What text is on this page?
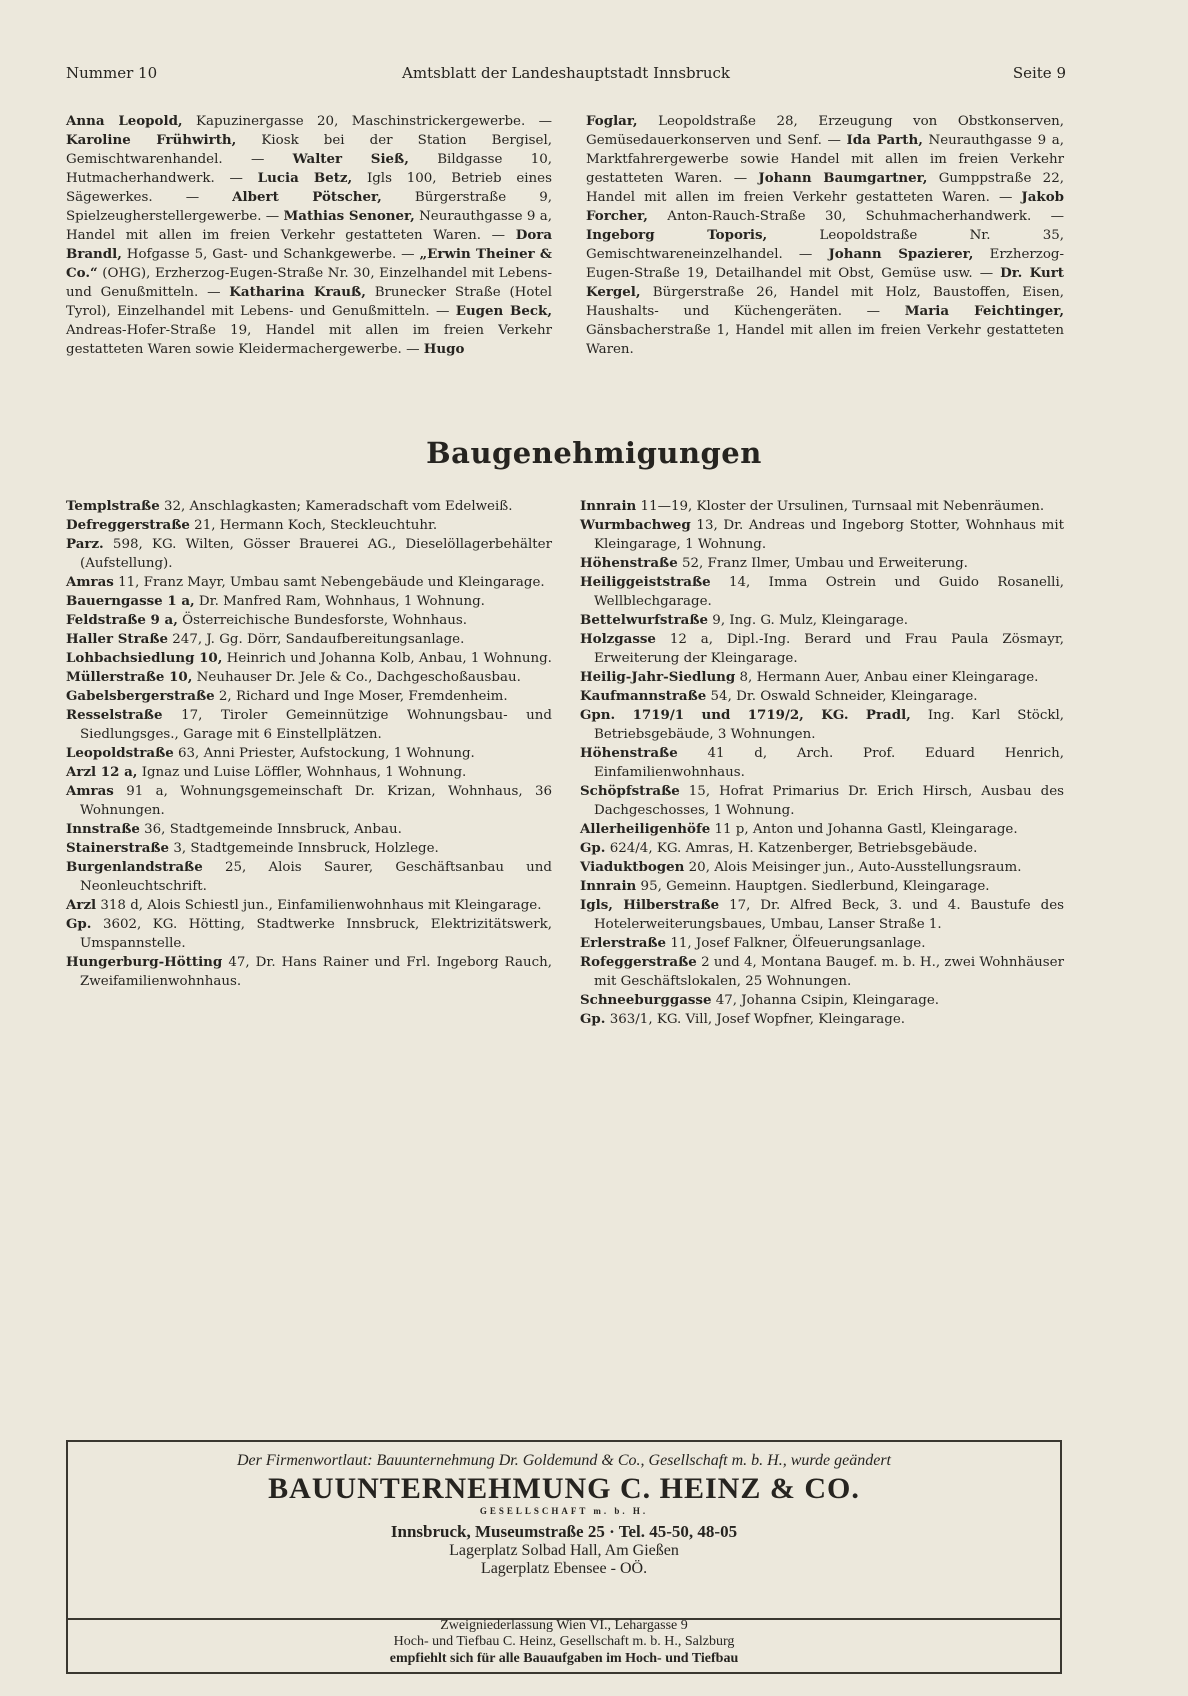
Nummer 10	Amtsblatt der Landeshauptstadt Innsbruck	Seite 9

Anna Leopold, Kapuzinergasse 20, Maschinstrickergewerbe. — Karoline Frühwirth, Kiosk bei der Station Bergisel, Gemischtwarenhandel. — Walter Sieß, Bildgasse 10, Hutmacherhandwerk. — Lucia Betz, Igls 100, Betrieb eines Sägewerkes. — Albert Pötscher, Bürgerstraße 9, Spielzeugherstellergewerbe. — Mathias Senoner, Neurauthgasse 9 a, Handel mit allen im freien Verkehr gestatteten Waren. — Dora Brandl, Hofgasse 5, Gast- und Schankgewerbe. — „Erwin Theiner & Co.“ (OHG), Erzherzog-Eugen-Straße Nr. 30, Einzelhandel mit Lebens- und Genußmitteln. — Katharina Krauß, Brunecker Straße (Hotel Tyrol), Einzelhandel mit Lebens- und Genußmitteln. — Eugen Beck, Andreas-Hofer-Straße 19, Handel mit allen im freien Verkehr gestatteten Waren sowie Kleidermachergewerbe. — Hugo

Foglar, Leopoldstraße 28, Erzeugung von Obstkonserven, Gemüsedauerkonserven und Senf. — Ida Parth, Neurauthgasse 9 a, Marktfahrergewerbe sowie Handel mit allen im freien Verkehr gestatteten Waren. — Johann Baumgartner, Gumppstraße 22, Handel mit allen im freien Verkehr gestatteten Waren. — Jakob Forcher, Anton-Rauch-Straße 30, Schuhmacherhandwerk. — Ingeborg Toporis, Leopoldstraße Nr. 35, Gemischtwareneinzelhandel. — Johann Spazierer, Erzherzog-Eugen-Straße 19, Detailhandel mit Obst, Gemüse usw. — Dr. Kurt Kergel, Bürgerstraße 26, Handel mit Holz, Baustoffen, Eisen, Haushalts- und Küchengeräten. — Maria Feichtinger, Gänsbacherstraße 1, Handel mit allen im freien Verkehr gestatteten Waren.

Baugenehmigungen

Templstraße 32, Anschlagkasten; Kameradschaft vom Edelweiß.

Defreggerstraße 21, Hermann Koch, Steckleuchtuhr.

Parz. 598, KG. Wilten, Gösser Brauerei AG., Dieselöllagerbehälter (Aufstellung).

Amras 11, Franz Mayr, Umbau samt Nebengebäude und Kleingarage.

Bauerngasse 1 a, Dr. Manfred Ram, Wohnhaus, 1 Wohnung.

Feldstraße 9 a, Österreichische Bundesforste, Wohnhaus.

Haller Straße 247, J. Gg. Dörr, Sandaufbereitungsanlage.

Lohbachsiedlung 10, Heinrich und Johanna Kolb, Anbau, 1 Wohnung.

Müllerstraße 10, Neuhauser Dr. Jele & Co., Dachgeschoßausbau.

Gabelsbergerstraße 2, Richard und Inge Moser, Fremdenheim.

Resselstraße 17, Tiroler Gemeinnützige Wohnungsbau- und Siedlungsges., Garage mit 6 Einstellplätzen.

Leopoldstraße 63, Anni Priester, Aufstockung, 1 Wohnung.

Arzl 12 a, Ignaz und Luise Löffler, Wohnhaus, 1 Wohnung.

Amras 91 a, Wohnungsgemeinschaft Dr. Krizan, Wohnhaus, 36 Wohnungen.

Innstraße 36, Stadtgemeinde Innsbruck, Anbau.

Stainerstraße 3, Stadtgemeinde Innsbruck, Holzlege.

Burgenlandstraße 25, Alois Saurer, Geschäftsanbau und Neonleuchtschrift.

Arzl 318 d, Alois Schiestl jun., Einfamilienwohnhaus mit Kleingarage.

Gp. 3602, KG. Hötting, Stadtwerke Innsbruck, Elektrizitätswerk, Umspannstelle.

Hungerburg-Hötting 47, Dr. Hans Rainer und Frl. Ingeborg Rauch, Zweifamilienwohnhaus.

Innrain 11—19, Kloster der Ursulinen, Turnsaal mit Nebenräumen.

Wurmbachweg 13, Dr. Andreas und Ingeborg Stotter, Wohnhaus mit Kleingarage, 1 Wohnung.

Höhenstraße 52, Franz Ilmer, Umbau und Erweiterung.

Heiliggeiststraße 14, Imma Ostrein und Guido Rosanelli, Wellblechgarage.

Bettelwurfstraße 9, Ing. G. Mulz, Kleingarage.

Holzgasse 12 a, Dipl.-Ing. Berard und Frau Paula Zösmayr, Erweiterung der Kleingarage.

Heilig-Jahr-Siedlung 8, Hermann Auer, Anbau einer Kleingarage.

Kaufmannstraße 54, Dr. Oswald Schneider, Kleingarage.

Gpn. 1719/1 und 1719/2, KG. Pradl, Ing. Karl Stöckl, Betriebsgebäude, 3 Wohnungen.

Höhenstraße 41 d, Arch. Prof. Eduard Henrich, Einfamilienwohnhaus.

Schöpfstraße 15, Hofrat Primarius Dr. Erich Hirsch, Ausbau des Dachgeschosses, 1 Wohnung.

Allerheiligenhöfe 11 p, Anton und Johanna Gastl, Kleingarage.

Gp. 624/4, KG. Amras, H. Katzenberger, Betriebsgebäude.

Viaduktbogen 20, Alois Meisinger jun., Auto-Ausstellungsraum.

Innrain 95, Gemeinn. Hauptgen. Siedlerbund, Kleingarage.

Igls, Hilberstraße 17, Dr. Alfred Beck, 3. und 4. Baustufe des Hotelerweiterungsbaues, Umbau, Lanser Straße 1.

Erlerstraße 11, Josef Falkner, Ölfeuerungsanlage.

Rofeggerstraße 2 und 4, Montana Baugef. m. b. H., zwei Wohnhäuser mit Geschäftslokalen, 25 Wohnungen.

Schneeburggasse 47, Johanna Csipin, Kleingarage.

Gp. 363/1, KG. Vill, Josef Wopfner, Kleingarage.

Der Firmenwortlaut: Bauunternehmung Dr. Goldemund & Co., Gesellschaft m. b. H., wurde geändert
BAUUNTERNEHMUNG C. HEINZ & CO.
GESELLSCHAFT m. b. H.
Innsbruck, Museumstraße 25 · Tel. 45-50, 48-05
Lagerplatz Solbad Hall, Am Gießen
Lagerplatz Ebensee - OÖ.
Zweigniederlassung Wien VI., Lehargasse 9
Hoch- und Tiefbau C. Heinz, Gesellschaft m. b. H., Salzburg
empfiehlt sich für alle Bauaufgaben im Hoch- und Tiefbau
